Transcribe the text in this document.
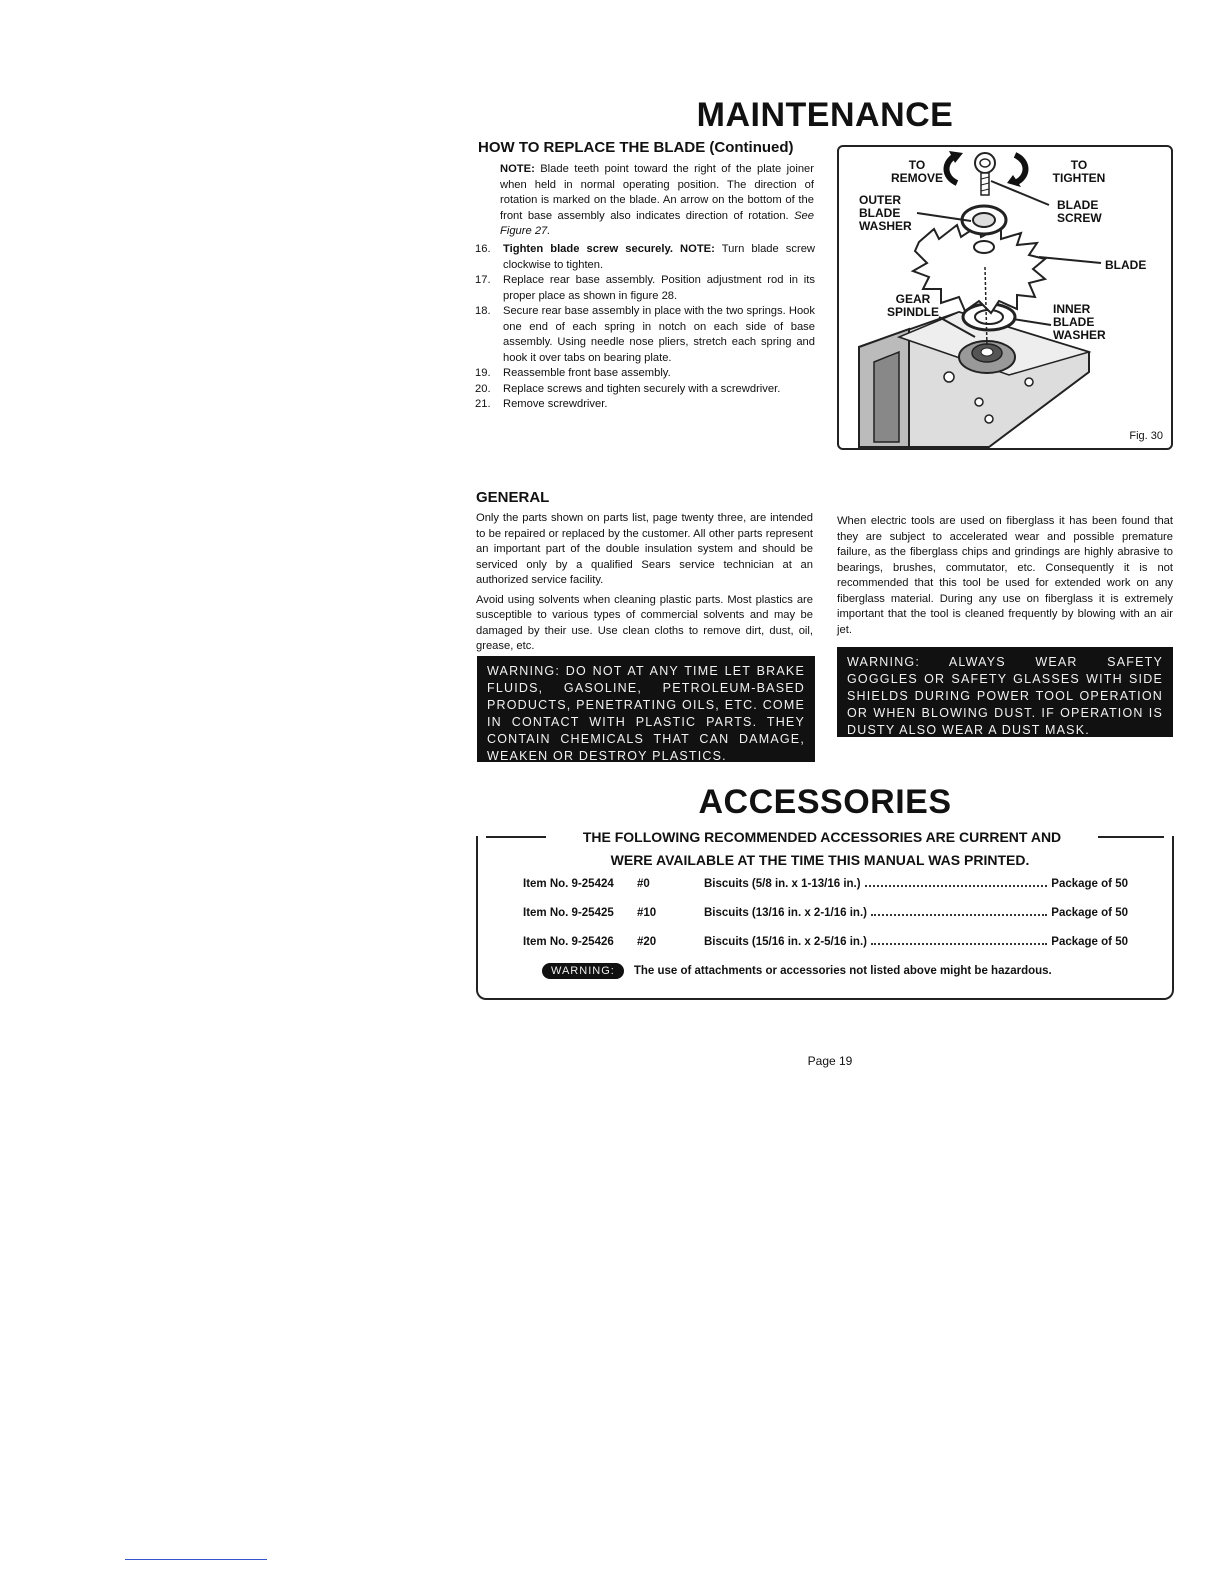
MAINTENANCE
HOW TO REPLACE THE BLADE (Continued)
NOTE: Blade teeth point toward the right of the plate joiner when held in normal operating position. The direction of rotation is marked on the blade. An arrow on the bottom of the front base assembly also indicates direction of rotation. See Figure 27.
16. Tighten blade screw securely. NOTE: Turn blade screw clockwise to tighten.
17. Replace rear base assembly. Position adjustment rod in its proper place as shown in figure 28.
18. Secure rear base assembly in place with the two springs. Hook one end of each spring in notch on each side of base assembly. Using needle nose pliers, stretch each spring and hook it over tabs on bearing plate.
19. Reassemble front base assembly.
20. Replace screws and tighten securely with a screwdriver.
21. Remove screwdriver.
TO
REMOVE
TO
TIGHTEN
OUTER
BLADE
WASHER
BLADE
SCREW
BLADE
GEAR
SPINDLE	INNER
BLADE
WASHER
Fig. 30
GENERAL

Only the parts shown on parts list, page twenty three, are intended to be repaired or replaced by the customer. All other parts represent an important part of the double insulation system and should be serviced only by a qualified Sears service technician at an authorized service facility.

Avoid using solvents when cleaning plastic parts. Most plastics are susceptible to various types of commercial solvents and may be damaged by their use. Use clean cloths to remove dirt, dust, oil, grease, etc.

When electric tools are used on fiberglass it has been found that they are subject to accelerated wear and possible premature failure, as the fiberglass chips and grindings are highly abrasive to bearings, brushes, commutator, etc. Consequently it is not recommended that this tool be used for extended work on any fiberglass material. During any use on fiberglass it is extremely important that the tool is cleaned frequently by blowing with an air jet.

WARNING: DO NOT AT ANY TIME LET BRAKE FLUIDS, GASOLINE, PETROLEUM-BASED PRODUCTS, PENETRATING OILS, ETC. COME IN CONTACT WITH PLASTIC PARTS. THEY CONTAIN CHEMICALS THAT CAN DAMAGE, WEAKEN OR DESTROY PLASTICS.
WARNING: ALWAYS WEAR SAFETY GOGGLES OR SAFETY GLASSES WITH SIDE SHIELDS DURING POWER TOOL OPERATION OR WHEN BLOWING DUST. IF OPERATION IS DUSTY ALSO WEAR A DUST MASK.
ACCESSORIES
THE FOLLOWING RECOMMENDED ACCESSORIES ARE CURRENT AND
WERE AVAILABLE AT THE TIME THIS MANUAL WAS PRINTED.
Item No. 9-25424	#0	Biscuits (5/8 in. x 1-13/16 in.)	Package of 50
Item No. 9-25425	#10	Biscuits (13/16 in. x 2-1/16 in.)	Package of 50
Item No. 9-25426	#20	Biscuits (15/16 in. x 2-5/16 in.)	Package of 50
WARNING:	The use of attachments or accessories not listed above might be hazardous.
Page 19
